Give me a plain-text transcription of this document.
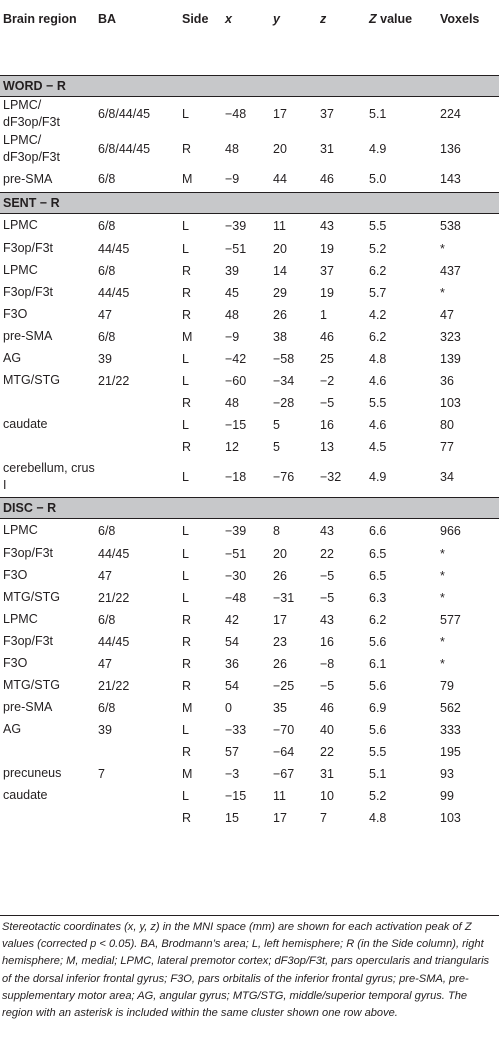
Brain region	BA	Side	x	y	z	Z value	Voxels
WORD − R							
LPMC/ dF3op/F3t	6/8/44/45	L	−48	17	37	5.1	224
LPMC/ dF3op/F3t	6/8/44/45	R	48	20	31	4.9	136
pre-SMA	6/8	M	−9	44	46	5.0	143
SENT − R							
LPMC	6/8	L	−39	11	43	5.5	538
F3op/F3t	44/45	L	−51	20	19	5.2	*
LPMC	6/8	R	39	14	37	6.2	437
F3op/F3t	44/45	R	45	29	19	5.7	*
F3O	47	R	48	26	1	4.2	47
pre-SMA	6/8	M	−9	38	46	6.2	323
AG	39	L	−42	−58	25	4.8	139
MTG/STG	21/22	L	−60	−34	−2	4.6	36
		R	48	−28	−5	5.5	103
caudate		L	−15	5	16	4.6	80
		R	12	5	13	4.5	77
cerebellum, crus I		L	−18	−76	−32	4.9	34
DISC − R							
LPMC	6/8	L	−39	8	43	6.6	966
F3op/F3t	44/45	L	−51	20	22	6.5	*
F3O	47	L	−30	26	−5	6.5	*
MTG/STG	21/22	L	−48	−31	−5	6.3	*
LPMC	6/8	R	42	17	43	6.2	577
F3op/F3t	44/45	R	54	23	16	5.6	*
F3O	47	R	36	26	−8	6.1	*
MTG/STG	21/22	R	54	−25	−5	5.6	79
pre-SMA	6/8	M	0	35	46	6.9	562
AG	39	L	−33	−70	40	5.6	333
		R	57	−64	22	5.5	195
precuneus	7	M	−3	−67	31	5.1	93
caudate		L	−15	11	10	5.2	99
		R	15	17	7	4.8	103

Stereotactic coordinates (x, y, z) in the MNI space (mm) are shown for each activation peak of Z values (corrected p < 0.05). BA, Brodmann’s area; L, left hemisphere; R (in the Side column), right hemisphere; M, medial; LPMC, lateral premotor cortex; dF3op/F3t, pars opercularis and triangularis of the dorsal inferior frontal gyrus; F3O, pars orbitalis of the inferior frontal gyrus; pre-SMA, pre-supplementary motor area; AG, angular gyrus; MTG/STG, middle/superior temporal gyrus. The region with an asterisk is included within the same cluster shown one row above.
